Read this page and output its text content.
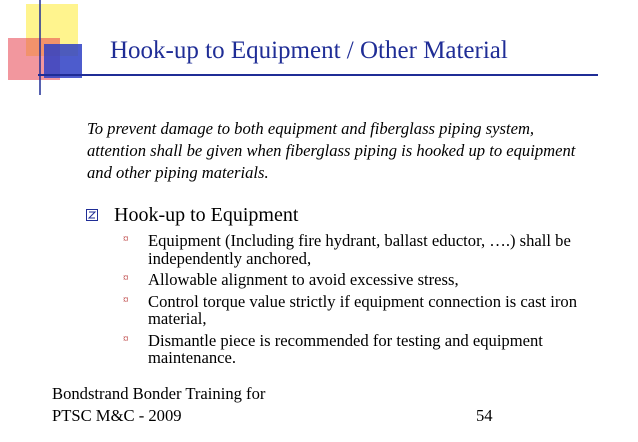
Hook-up to Equipment / Other Material
To prevent damage to both equipment and fiberglass piping system, attention shall be given when fiberglass piping is hooked up to equipment and other piping materials.
Hook-up to Equipment
¤ Equipment (Including fire hydrant, ballast eductor, ….) shall be independently anchored,
¤ Allowable alignment to avoid excessive stress,
¤ Control torque value strictly if equipment connection is cast iron material,
¤ Dismantle piece is recommended for testing and equipment maintenance.
Bondstrand Bonder Training for
PTSC M&C - 2009	54
